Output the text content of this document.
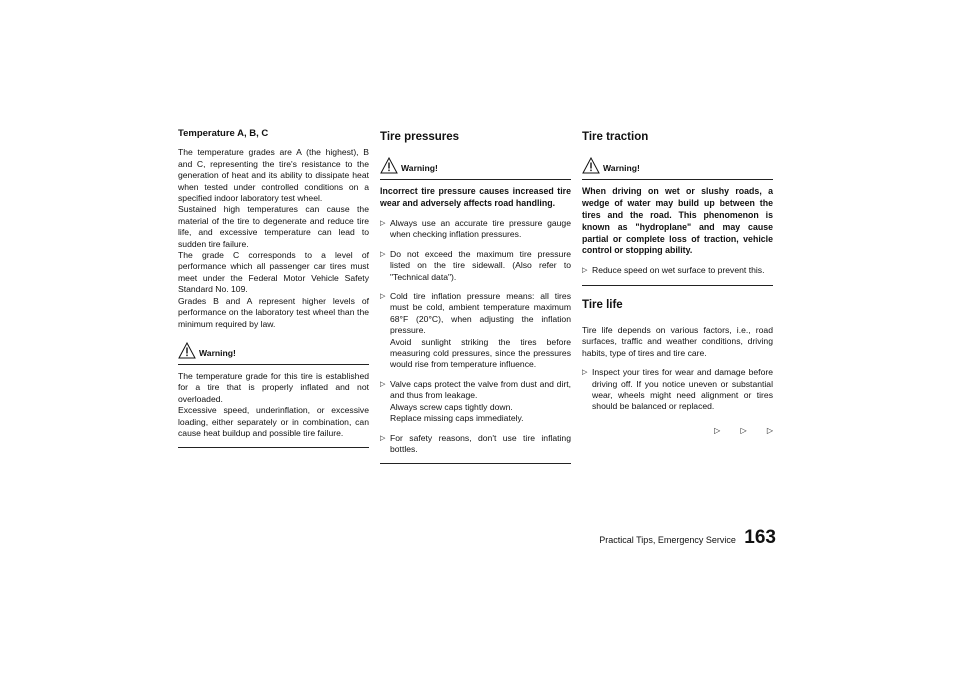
Temperature A, B, C
The temperature grades are A (the highest), B and C, representing the tire's resistance to the generation of heat and its ability to dissipate heat when tested under controlled conditions on a specified indoor laboratory test wheel.
Sustained high temperatures can cause the material of the tire to degenerate and reduce tire life, and excessive temperature can lead to sudden tire failure.
The grade C corresponds to a level of performance which all passenger car tires must meet under the Federal Motor Vehicle Safety Standard No. 109.
Grades B and A represent higher levels of performance on the laboratory test wheel than the minimum required by law.
Warning!
The temperature grade for this tire is established for a tire that is properly inflated and not overloaded.
Excessive speed, underinflation, or excessive loading, either separately or in combination, can cause heat buildup and possible tire failure.
Tire pressures
Warning!
Incorrect tire pressure causes increased tire wear and adversely affects road handling.
▷ Always use an accurate tire pressure gauge when checking inflation pressures.
▷ Do not exceed the maximum tire pressure listed on the tire sidewall. (Also refer to "Technical data").
▷ Cold tire inflation pressure means: all tires must be cold, ambient temperature maximum 68°F (20°C), when adjusting the inflation pressure.
Avoid sunlight striking the tires before measuring cold pressures, since the pressures would rise from temperature influence.
▷ Valve caps protect the valve from dust and dirt, and thus from leakage.
Always screw caps tightly down.
Replace missing caps immediately.
▷ For safety reasons, don't use tire inflating bottles.
Tire traction
Warning!
When driving on wet or slushy roads, a wedge of water may build up between the tires and the road. This phenomenon is known as "hydroplane" and may cause partial or complete loss of traction, vehicle control or stopping ability.
▷ Reduce speed on wet surface to prevent this.
Tire life
Tire life depends on various factors, i.e., road surfaces, traffic and weather conditions, driving habits, type of tires and tire care.
▷ Inspect your tires for wear and damage before driving off. If you notice uneven or substantial wear, wheels might need alignment or tires should be balanced or replaced.
▷	▷	▷
Practical Tips, Emergency Service 163
